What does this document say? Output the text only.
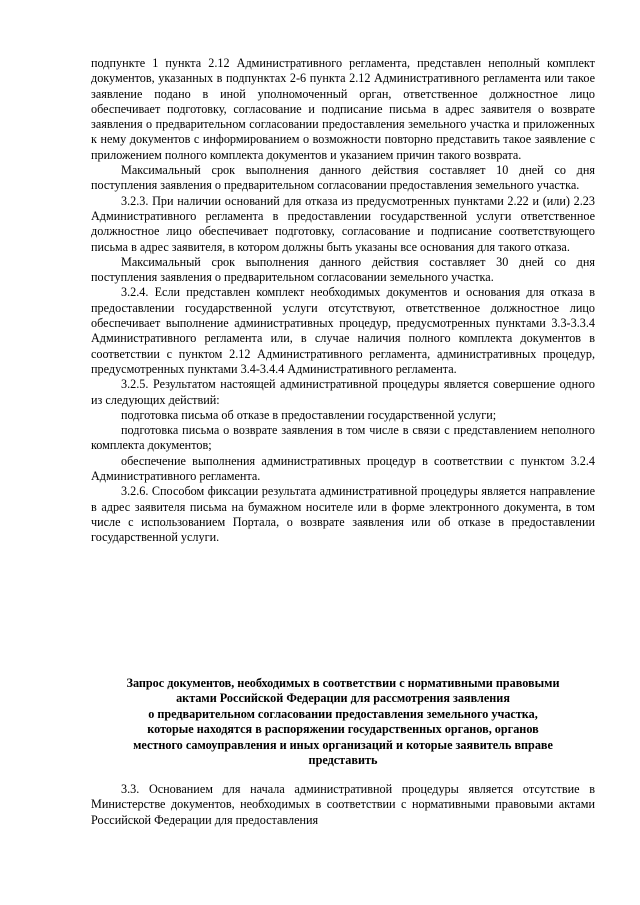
подпункте 1 пункта 2.12 Административного регламента, представлен неполный комплект документов, указанных в подпунктах 2-6 пункта 2.12 Административного регламента или такое заявление подано в иной уполномоченный орган, ответственное должностное лицо обеспечивает подготовку, согласование и подписание письма в адрес заявителя о возврате заявления о предварительном согласовании предоставления земельного участка и приложенных к нему документов с информированием о возможности повторно представить такое заявление с приложением полного комплекта документов и указанием причин такого возврата.

Максимальный срок выполнения данного действия составляет 10 дней со дня поступления заявления о предварительном согласовании предоставления земельного участка.

3.2.3. При наличии оснований для отказа из предусмотренных пунктами 2.22 и (или) 2.23 Административного регламента в предоставлении государственной услуги ответственное должностное лицо обеспечивает подготовку, согласование и подписание соответствующего письма в адрес заявителя, в котором должны быть указаны все основания для такого отказа.

Максимальный срок выполнения данного действия составляет 30 дней со дня поступления заявления о предварительном согласовании земельного участка.

3.2.4. Если представлен комплект необходимых документов и основания для отказа в предоставлении государственной услуги отсутствуют, ответственное должностное лицо обеспечивает выполнение административных процедур, предусмотренных пунктами 3.3-3.3.4 Административного регламента или, в случае наличия полного комплекта документов в соответствии с пунктом 2.12 Административного регламента, административных процедур, предусмотренных пунктами 3.4-3.4.4 Административного регламента.

3.2.5. Результатом настоящей административной процедуры является совершение одного из следующих действий:

подготовка письма об отказе в предоставлении государственной услуги;

подготовка письма о возврате заявления в том числе в связи с представлением неполного комплекта документов;

обеспечение выполнения административных процедур в соответствии с пунктом 3.2.4 Административного регламента.

3.2.6. Способом фиксации результата административной процедуры является направление в адрес заявителя письма на бумажном носителе или в форме электронного документа, в том числе с использованием Портала, о возврате заявления или об отказе в предоставлении государственной услуги.

Запрос документов, необходимых в соответствии с нормативными правовыми

актами Российской Федерации для рассмотрения заявления

о предварительном согласовании предоставления земельного участка,

которые находятся в распоряжении государственных органов, органов

местного самоуправления и иных организаций и которые заявитель вправе

представить

3.3. Основанием для начала административной процедуры является отсутствие в Министерстве документов, необходимых в соответствии с нормативными правовыми актами Российской Федерации для предоставления
